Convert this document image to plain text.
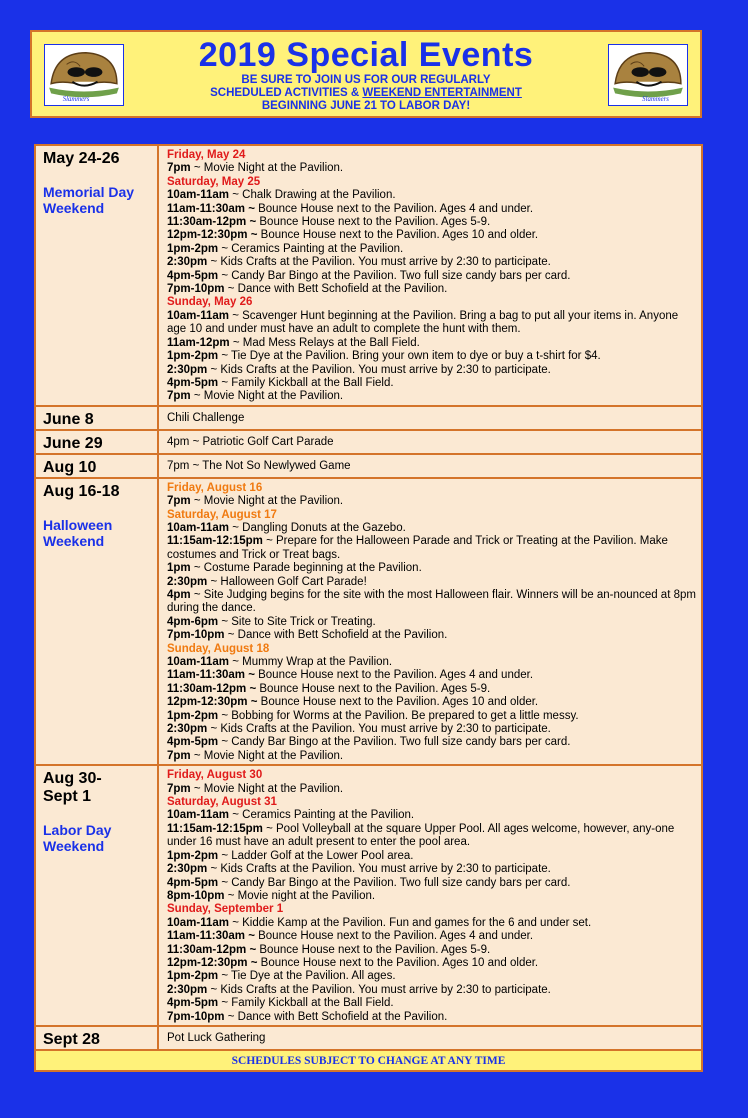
Slammers
2019 Special Events
BE SURE TO JOIN US FOR OUR REGULARLY
SCHEDULED ACTIVITIES & WEEKEND ENTERTAINMENT
BEGINNING JUNE 21 TO LABOR DAY!
Slammers
May 24-26
Memorial Day
Weekend
Friday, May 24
7pm ~ Movie Night at the Pavilion.
Saturday, May 25
10am-11am ~ Chalk Drawing at the Pavilion.
11am-11:30am ~ Bounce House next to the Pavilion. Ages 4 and under.
11:30am-12pm ~ Bounce House next to the Pavilion. Ages 5-9.
12pm-12:30pm ~ Bounce House next to the Pavilion. Ages 10 and older.
1pm-2pm ~ Ceramics Painting at the Pavilion.
2:30pm ~ Kids Crafts at the Pavilion. You must arrive by 2:30 to participate.
4pm-5pm ~ Candy Bar Bingo at the Pavilion. Two full size candy bars per card.
7pm-10pm ~ Dance with Bett Schofield at the Pavilion.
Sunday, May 26
10am-11am ~ Scavenger Hunt beginning at the Pavilion. Bring a bag to put all your items in. Anyone age 10 and under must have an adult to complete the hunt with them.
11am-12pm ~ Mad Mess Relays at the Ball Field.
1pm-2pm ~ Tie Dye at the Pavilion. Bring your own item to dye or buy a t-shirt for $4.
2:30pm ~ Kids Crafts at the Pavilion. You must arrive by 2:30 to participate.
4pm-5pm ~ Family Kickball at the Ball Field.
7pm ~ Movie Night at the Pavilion.
June 8	Chili Challenge
June 29	4pm ~ Patriotic Golf Cart Parade
Aug 10	7pm ~ The Not So Newlywed Game
Aug 16-18
Halloween
Weekend
Friday, August 16
7pm ~ Movie Night at the Pavilion.
Saturday, August 17
10am-11am ~ Dangling Donuts at the Gazebo.
11:15am-12:15pm ~ Prepare for the Halloween Parade and Trick or Treating at the Pavilion. Make costumes and Trick or Treat bags.
1pm ~ Costume Parade beginning at the Pavilion.
2:30pm ~ Halloween Golf Cart Parade!
4pm ~ Site Judging begins for the site with the most Halloween flair. Winners will be an-nounced at 8pm during the dance.
4pm-6pm ~ Site to Site Trick or Treating.
7pm-10pm ~ Dance with Bett Schofield at the Pavilion.
Sunday, August 18
10am-11am ~ Mummy Wrap at the Pavilion.
11am-11:30am ~ Bounce House next to the Pavilion. Ages 4 and under.
11:30am-12pm ~ Bounce House next to the Pavilion. Ages 5-9.
12pm-12:30pm ~ Bounce House next to the Pavilion. Ages 10 and older.
1pm-2pm ~ Bobbing for Worms at the Pavilion. Be prepared to get a little messy.
2:30pm ~ Kids Crafts at the Pavilion. You must arrive by 2:30 to participate.
4pm-5pm ~ Candy Bar Bingo at the Pavilion. Two full size candy bars per card.
7pm ~ Movie Night at the Pavilion.
Aug 30-
Sept 1
Labor Day
Weekend
Friday, August 30
7pm ~ Movie Night at the Pavilion.
Saturday, August 31
10am-11am ~ Ceramics Painting at the Pavilion.
11:15am-12:15pm ~ Pool Volleyball at the square Upper Pool. All ages welcome, however, any-one under 16 must have an adult present to enter the pool area.
1pm-2pm ~ Ladder Golf at the Lower Pool area.
2:30pm ~ Kids Crafts at the Pavilion. You must arrive by 2:30 to participate.
4pm-5pm ~ Candy Bar Bingo at the Pavilion. Two full size candy bars per card.
8pm-10pm ~ Movie night at the Pavilion.
Sunday, September 1
10am-11am ~ Kiddie Kamp at the Pavilion. Fun and games for the 6 and under set.
11am-11:30am ~ Bounce House next to the Pavilion. Ages 4 and under.
11:30am-12pm ~ Bounce House next to the Pavilion. Ages 5-9.
12pm-12:30pm ~ Bounce House next to the Pavilion. Ages 10 and older.
1pm-2pm ~ Tie Dye at the Pavilion. All ages.
2:30pm ~ Kids Crafts at the Pavilion. You must arrive by 2:30 to participate.
4pm-5pm ~ Family Kickball at the Ball Field.
7pm-10pm ~ Dance with Bett Schofield at the Pavilion.
Sept 28	Pot Luck Gathering
SCHEDULES SUBJECT TO CHANGE AT ANY TIME
